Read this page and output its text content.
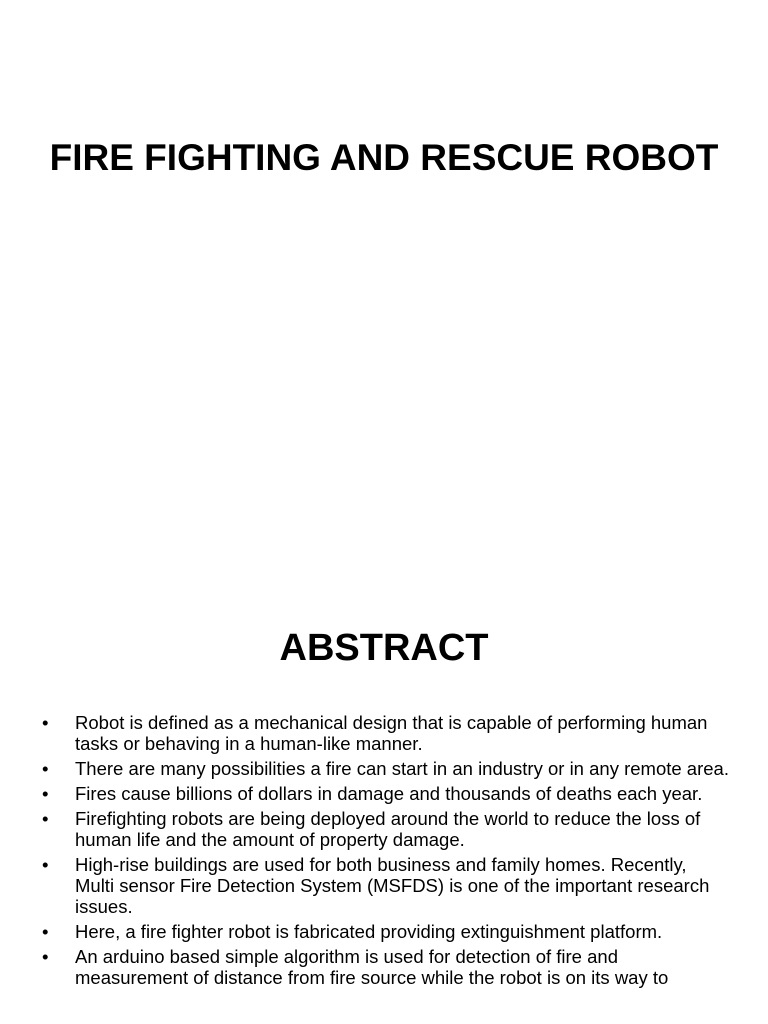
FIRE FIGHTING AND RESCUE ROBOT
ABSTRACT
• Robot is defined as a mechanical design that is capable of performing human tasks or behaving in a human-like manner.
• There are many possibilities a fire can start in an industry or in any remote area.
• Fires cause billions of dollars in damage and thousands of deaths each year.
• Firefighting robots are being deployed around the world to reduce the loss of human life and the amount of property damage.
• High-rise buildings are used for both business and family homes. Recently, Multi sensor Fire Detection System (MSFDS) is one of the important research issues.
• Here, a fire fighter robot is fabricated providing extinguishment platform.
• An arduino based simple algorithm is used for detection of fire and measurement of distance from fire source while the robot is on its way to
